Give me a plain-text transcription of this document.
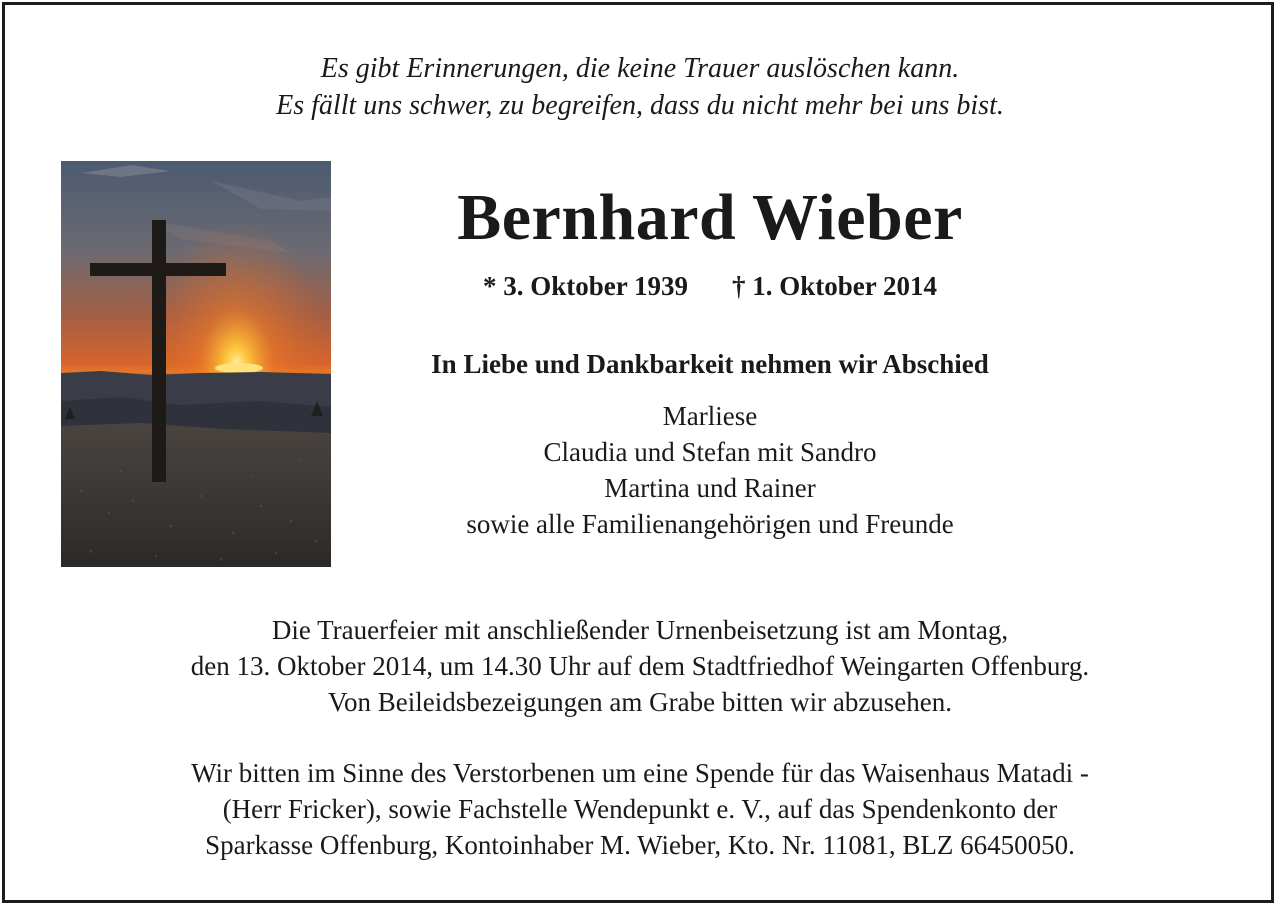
Es gibt Erinnerungen, die keine Trauer auslöschen kann.
Es fällt uns schwer, zu begreifen, dass du nicht mehr bei uns bist.
Bernhard Wieber
* 3. Oktober 1939 † 1. Oktober 2014
In Liebe und Dankbarkeit nehmen wir Abschied
Marliese
Claudia und Stefan mit Sandro
Martina und Rainer
sowie alle Familienangehörigen und Freunde
Die Trauerfeier mit anschließender Urnenbeisetzung ist am Montag,
den 13. Oktober 2014, um 14.30 Uhr auf dem Stadtfriedhof Weingarten Offenburg.
Von Beileidsbezeigungen am Grabe bitten wir abzusehen.
Wir bitten im Sinne des Verstorbenen um eine Spende für das Waisenhaus Matadi -
(Herr Fricker), sowie Fachstelle Wendepunkt e. V., auf das Spendenkonto der
Sparkasse Offenburg, Kontoinhaber M. Wieber, Kto. Nr. 11081, BLZ 66450050.
